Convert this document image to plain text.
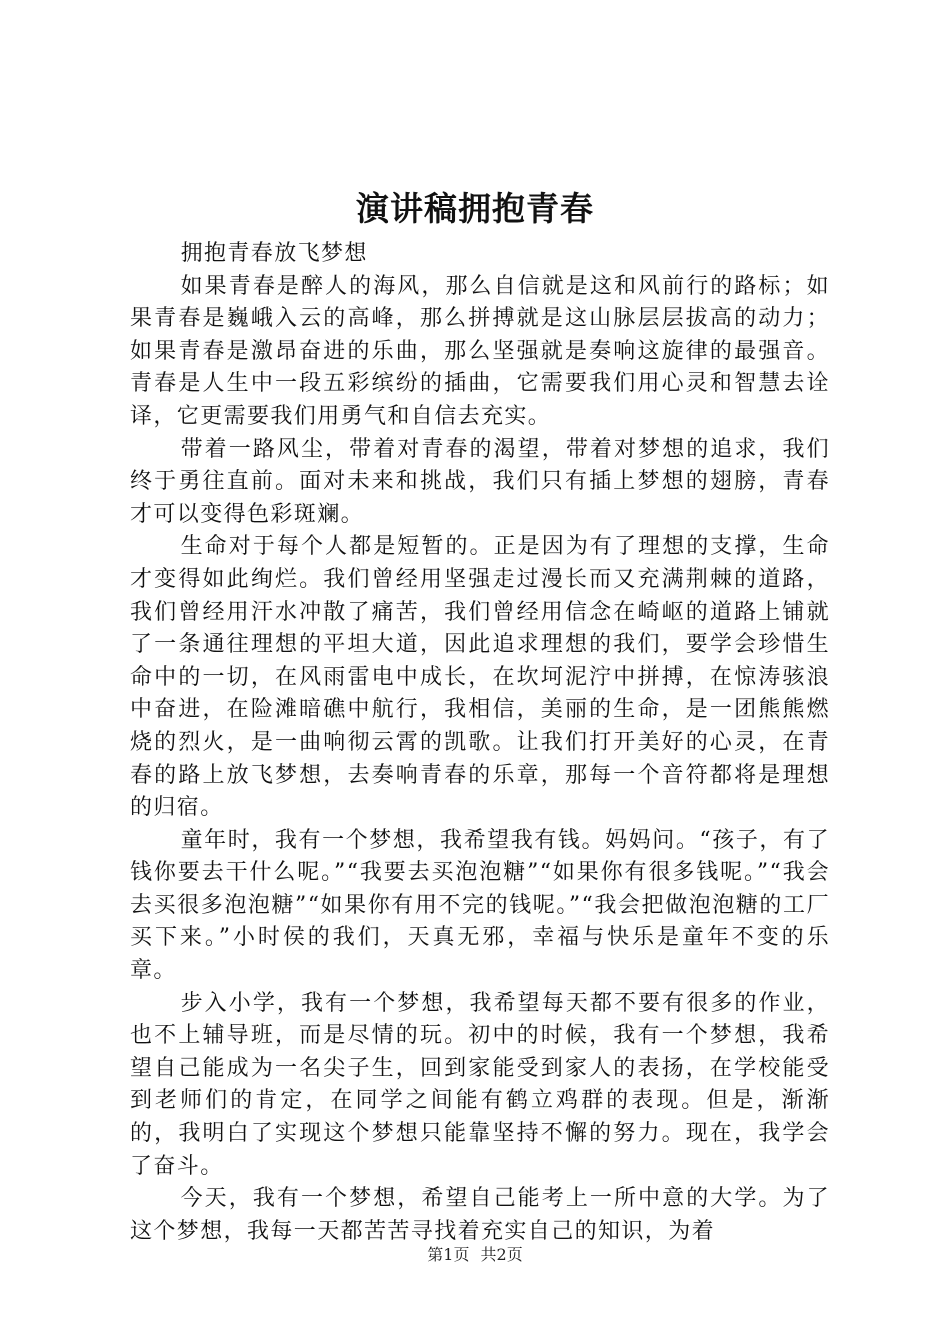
演讲稿拥抱青春

拥抱青春放飞梦想

如果青春是醉人的海风，那么自信就是这和风前行的路标；如果青春是巍峨入云的高峰，那么拼搏就是这山脉层层拔高的动力；如果青春是激昂奋进的乐曲，那么坚强就是奏响这旋律的最强音。青春是人生中一段五彩缤纷的插曲，它需要我们用心灵和智慧去诠译，它更需要我们用勇气和自信去充实。

带着一路风尘，带着对青春的渴望，带着对梦想的追求，我们终于勇往直前。面对未来和挑战，我们只有插上梦想的翅膀，青春才可以变得色彩斑斓。

生命对于每个人都是短暂的。正是因为有了理想的支撑，生命才变得如此绚烂。我们曾经用坚强走过漫长而又充满荆棘的道路，我们曾经用汗水冲散了痛苦，我们曾经用信念在崎岖的道路上铺就了一条通往理想的平坦大道，因此追求理想的我们，要学会珍惜生命中的一切，在风雨雷电中成长，在坎坷泥泞中拼搏，在惊涛骇浪中奋进，在险滩暗礁中航行，我相信，美丽的生命，是一团熊熊燃烧的烈火，是一曲响彻云霄的凯歌。让我们打开美好的心灵，在青春的路上放飞梦想，去奏响青春的乐章，那每一个音符都将是理想的归宿。

童年时，我有一个梦想，我希望我有钱。妈妈问。“孩子，有了钱你要去干什么呢。”“我要去买泡泡糖”“如果你有很多钱呢。”“我会去买很多泡泡糖”“如果你有用不完的钱呢。”“我会把做泡泡糖的工厂买下来。”小时侯的我们，天真无邪，幸福与快乐是童年不变的乐章。

步入小学，我有一个梦想，我希望每天都不要有很多的作业，也不上辅导班，而是尽情的玩。初中的时候，我有一个梦想，我希望自己能成为一名尖子生，回到家能受到家人的表扬，在学校能受到老师们的肯定，在同学之间能有鹤立鸡群的表现。但是，渐渐的，我明白了实现这个梦想只能靠坚持不懈的努力。现在，我学会了奋斗。

今天，我有一个梦想，希望自己能考上一所中意的大学。为了这个梦想，我每一天都苦苦寻找着充实自己的知识，为着

第1页 共2页
